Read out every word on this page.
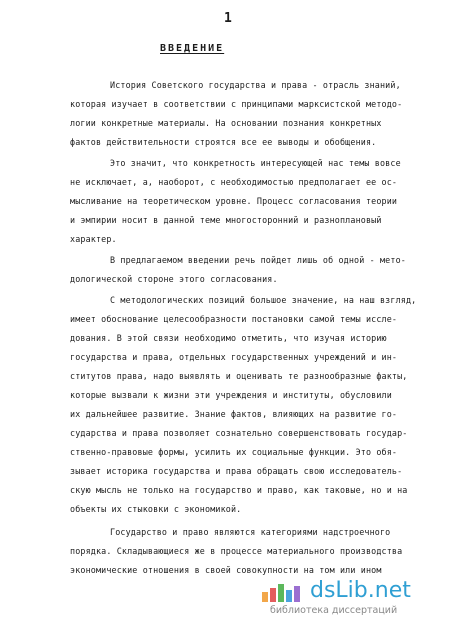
1
ВВЕДЕНИЕ
История Советского государства и права - отрасль знаний,
которая изучает в соответствии с принципами марксистской методо-
логии конкретные материалы. На основании познания конкретных
фактов действительности строятся все ее выводы и обобщения.
Это значит, что конкретность интересующей нас темы вовсе
не исключает, а, наоборот, с необходимостью предполагает ее ос-
мысливание на теоретическом уровне. Процесс согласования теории
и эмпирии носит в данной теме многосторонний и разноплановый
характер.
В предлагаемом введении речь пойдет лишь об одной - мето-
дологической стороне этого согласования.
С методологических позиций большое значение, на наш взгляд,
имеет обоснование целесообразности постановки самой темы иссле-
дования. В этой связи необходимо отметить, что изучая историю
государства и права, отдельных государственных учреждений и ин-
ститутов права, надо выявлять и оценивать те разнообразные факты,
которые вызвали к жизни эти учреждения и институты, обусловили
их дальнейшее развитие. Знание фактов, влияющих на развитие го-
сударства и права позволяет сознательно совершенствовать государ-
ственно-правовые формы, усилить их социальные функции. Это обя-
зывает историка государства и права обращать свою исследователь-
скую мысль не только на государство и право, как таковые, но и на
объекты их стыковки с экономикой.
Государство и право являются категориями надстроечного
порядка. Складывающиеся же в процессе материального производства
экономические отношения в своей совокупности на том или ином
dsLib.net
библиотека диссертаций
